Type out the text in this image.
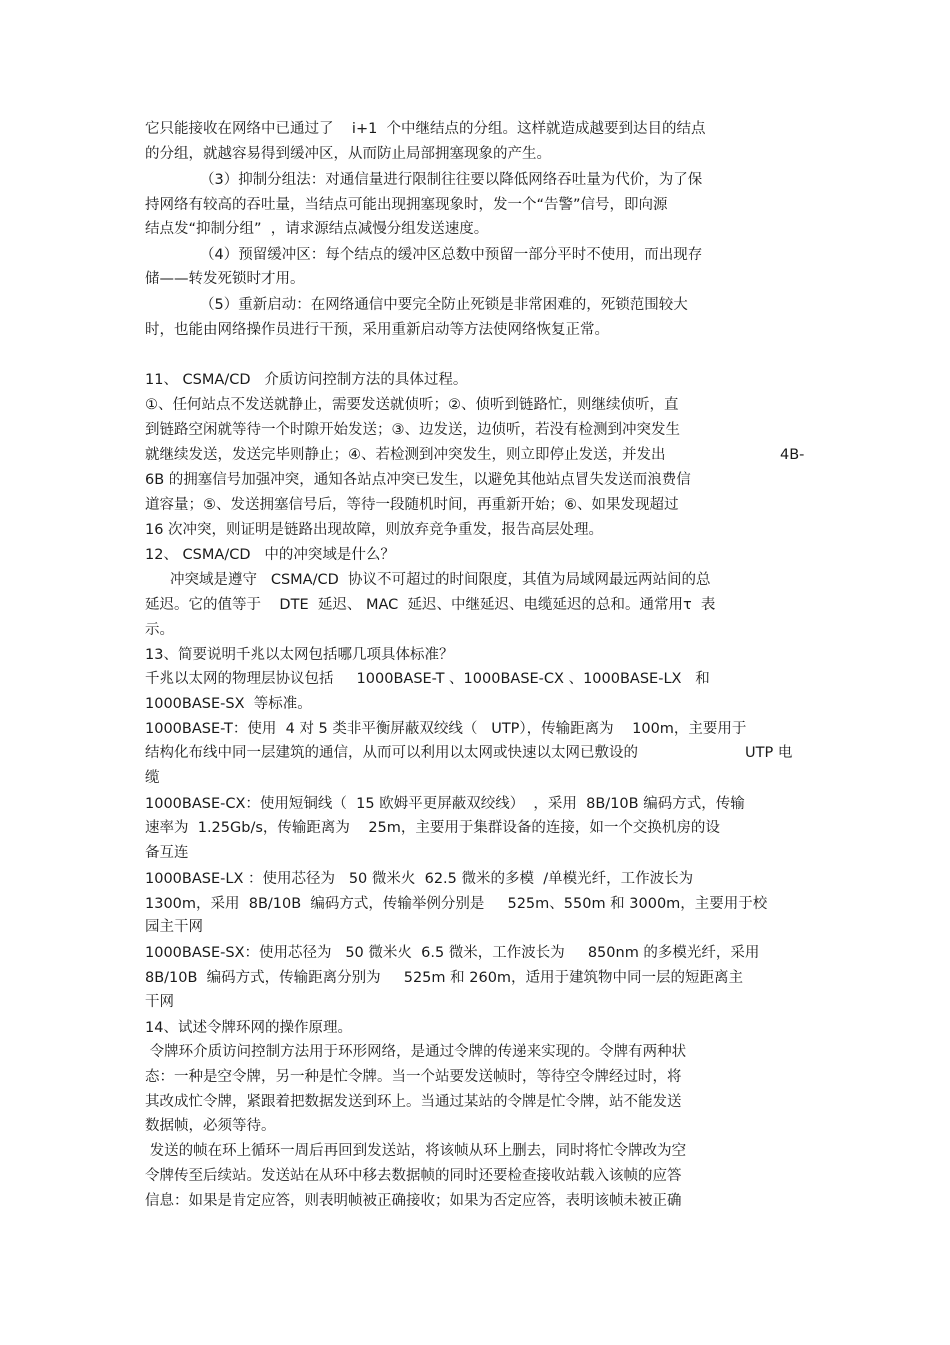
它只能接收在网络中已通过了    i+1  个中继结点的分组。这样就造成越要到达目的结点
的分组，就越容易得到缓冲区，从而防止局部拥塞现象的产生。
（3）抑制分组法：对通信量进行限制往往要以降低网络吞吐量为代价，为了保
持网络有较高的吞吐量，当结点可能出现拥塞现象时，发一个“告警”信号，即向源
结点发“抑制分组”  ，请求源结点减慢分组发送速度。
（4）预留缓冲区：每个结点的缓冲区总数中预留一部分平时不使用，而出现存
储——转发死锁时才用。
（5）重新启动：在网络通信中要完全防止死锁是非常困难的，死锁范围较大
时，也能由网络操作员进行干预，采用重新启动等方法使网络恢复正常。
11、 CSMA/CD   介质访问控制方法的具体过程。
①、任何站点不发送就静止，需要发送就侦听；②、侦听到链路忙，则继续侦听，直
到链路空闲就等待一个时隙开始发送；③、边发送，边侦听，若没有检测到冲突发生
就继续发送，发送完毕则静止；④、若检测到冲突发生，则立即停止发送，并发出	4B-
6B 的拥塞信号加强冲突，通知各站点冲突已发生，以避免其他站点冒失发送而浪费信
道容量；⑤、发送拥塞信号后，等待一段随机时间，再重新开始；⑥、如果发现超过
16 次冲突，则证明是链路出现故障，则放弃竞争重发，报告高层处理。
12、 CSMA/CD   中的冲突域是什么？
冲突域是遵守   CSMA/CD  协议不可超过的时间限度，其值为局域网最远两站间的总
延迟。它的值等于    DTE  延迟、 MAC  延迟、中继延迟、电缆延迟的总和。通常用τ  表
示。
13、简要说明千兆以太网包括哪几项具体标准？
千兆以太网的物理层协议包括     1000BASE-T 、1000BASE-CX 、1000BASE-LX   和
1000BASE-SX  等标准。
1000BASE-T：使用  4 对 5 类非平衡屏蔽双绞线（   UTP），传输距离为    100m，主要用于
结构化布线中同一层建筑的通信，从而可以利用以太网或快速以太网已敷设的	UTP 电
缆
1000BASE-CX：使用短铜线（  15 欧姆平更屏蔽双绞线）  ，采用  8B/10B 编码方式，传输
速率为  1.25Gb/s，传输距离为    25m，主要用于集群设备的连接，如一个交换机房的设
备互连
1000BASE-LX ：使用芯径为   50 微米火  62.5 微米的多模  /单模光纤，工作波长为
1300m，采用  8B/10B  编码方式，传输举例分别是     525m、550m 和 3000m，主要用于校
园主干网
1000BASE-SX：使用芯径为   50 微米火  6.5 微米，工作波长为     850nm 的多模光纤，采用
8B/10B  编码方式，传输距离分别为     525m 和 260m，适用于建筑物中同一层的短距离主
干网
14、试述令牌环网的操作原理。
令牌环介质访问控制方法用于环形网络，是通过令牌的传递来实现的。令牌有两种状
态：一种是空令牌，另一种是忙令牌。当一个站要发送帧时，等待空令牌经过时，将
其改成忙令牌，紧跟着把数据发送到环上。当通过某站的令牌是忙令牌，站不能发送
数据帧，必须等待。
发送的帧在环上循环一周后再回到发送站，将该帧从环上删去，同时将忙令牌改为空
令牌传至后续站。发送站在从环中移去数据帧的同时还要检查接收站载入该帧的应答
信息：如果是肯定应答，则表明帧被正确接收；如果为否定应答，表明该帧未被正确
